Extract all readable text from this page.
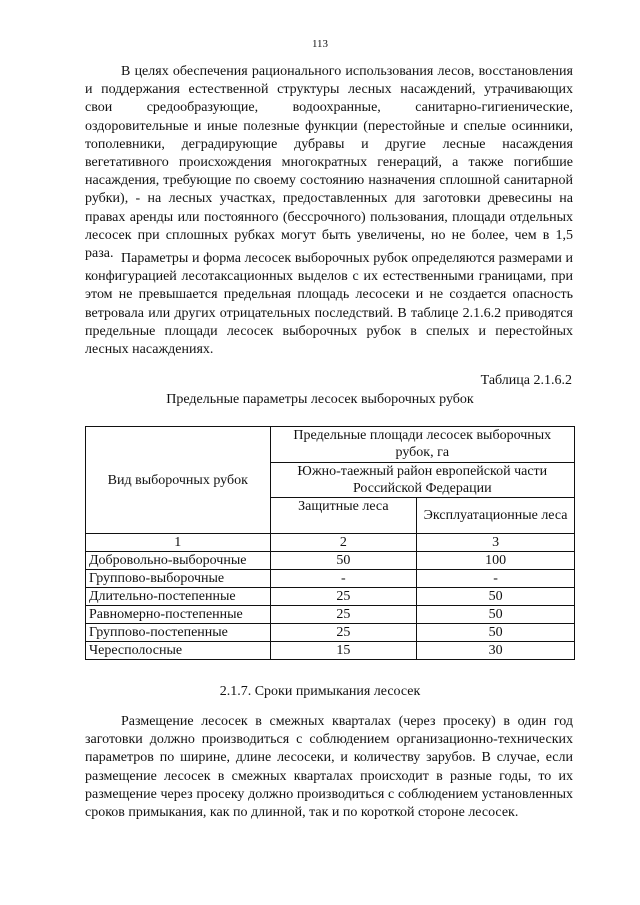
113

В целях обеспечения рационального использования лесов, восстановления и поддержания естественной структуры лесных насаждений, утрачивающих свои средообразующие, водоохранные, санитарно-гигиенические, оздоровительные и иные полезные функции (перестойные и спелые осинники, тополевники, деградирующие дубравы и другие лесные насаждения вегетативного происхождения многократных генераций, а также погибшие насаждения, требующие по своему состоянию назначения сплошной санитарной рубки), - на лесных участках, предоставленных для заготовки древесины на правах аренды или постоянного (бессрочного) пользования, площади отдельных лесосек при сплошных рубках могут быть увеличены, но не более, чем в 1,5 раза. Параметры и форма лесосек выборочных рубок определяются размерами и конфигурацией лесотаксационных выделов с их естественными границами, при этом не превышается предельная площадь лесосеки и не создается опасность ветровала или других отрицательных последствий. В таблице 2.1.6.2 приводятся предельные площади лесосек выборочных рубок в спелых и перестойных лесных насаждениях.

Таблица 2.1.6.2
Предельные параметры лесосек выборочных рубок
Вид выборочных рубок	Предельные площади лесосек выборочных рубок, га	
	Южно-таежный район европейской части Российской Федерации	
	Защитные леса	Эксплуатационные леса
1	2	3
Добровольно-выборочные	50	100
Группово-выборочные	-	-
Длительно-постепенные	25	50
Равномерно-постепенные	25	50
Группово-постепенные	25	50
Чересполосные	15	30
2.1.7. Сроки примыкания лесосек

Размещение лесосек в смежных кварталах (через просеку) в один год заготовки должно производиться с соблюдением организационно-технических параметров по ширине, длине лесосеки, и количеству зарубов. В случае, если размещение лесосек в смежных кварталах происходит в разные годы, то их размещение через просеку должно производиться с соблюдением установленных сроков примыкания, как по длинной, так и по короткой стороне лесосек.
